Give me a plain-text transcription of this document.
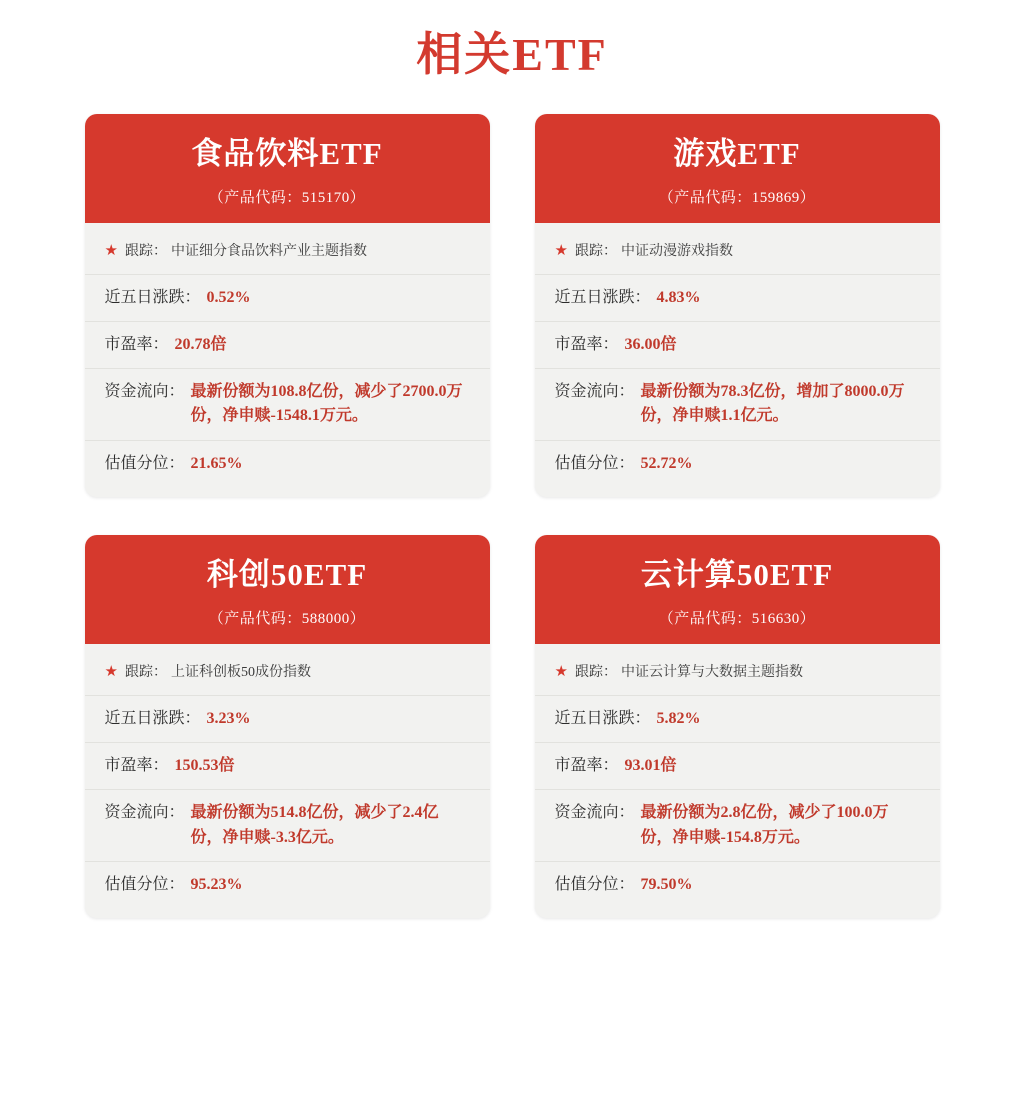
相关ETF
食品饮料ETF
（产品代码：515170）
★ 跟踪： 中证细分食品饮料产业主题指数
近五日涨跌： 0.52%
市盈率： 20.78倍
资金流向： 最新份额为108.8亿份，减少了2700.0万份，净申赎-1548.1万元。
估值分位： 21.65%
游戏ETF
（产品代码：159869）
★ 跟踪： 中证动漫游戏指数
近五日涨跌： 4.83%
市盈率： 36.00倍
资金流向： 最新份额为78.3亿份，增加了8000.0万份，净申赎1.1亿元。
估值分位： 52.72%
科创50ETF
（产品代码：588000）
★ 跟踪： 上证科创板50成份指数
近五日涨跌： 3.23%
市盈率： 150.53倍
资金流向： 最新份额为514.8亿份，减少了2.4亿份，净申赎-3.3亿元。
估值分位： 95.23%
云计算50ETF
（产品代码：516630）
★ 跟踪： 中证云计算与大数据主题指数
近五日涨跌： 5.82%
市盈率： 93.01倍
资金流向： 最新份额为2.8亿份，减少了100.0万份，净申赎-154.8万元。
估值分位： 79.50%
